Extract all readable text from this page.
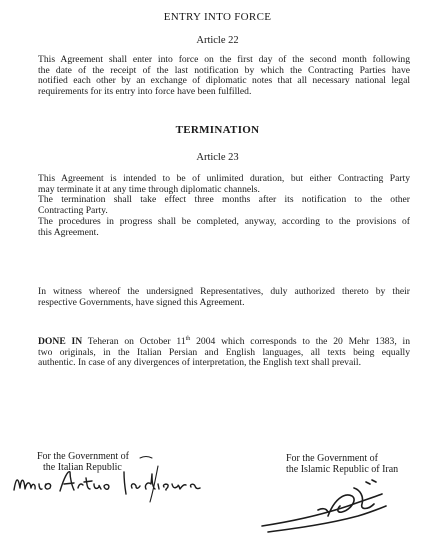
ENTRY INTO FORCE
Article 22
This Agreement shall enter into force on the first day of the second month following
the date of the receipt of the last notification by which the Contracting Parties have
notified each other by an exchange of diplomatic notes that all necessary national legal
requirements for its entry into force have been fulfilled.
TERMINATION
Article 23
This Agreement is intended to be of unlimited duration, but either Contracting Party
may terminate it at any time through diplomatic channels.
The termination shall take effect three months after its notification to the other
Contracting Party.
The procedures in progress shall be completed, anyway, according to the provisions of
this Agreement.
In witness whereof the undersigned Representatives, duly authorized thereto by their
respective Governments, have signed this Agreement.
DONE IN Teheran on October 11th 2004 which corresponds to the 20 Mehr 1383, in
two originals, in the Italian Persian and English languages, all texts being equally
authentic. In case of any divergences of interpretation, the English text shall prevail.
For the Government of
the Italian Republic
For the Government of
the Islamic Republic of Iran
